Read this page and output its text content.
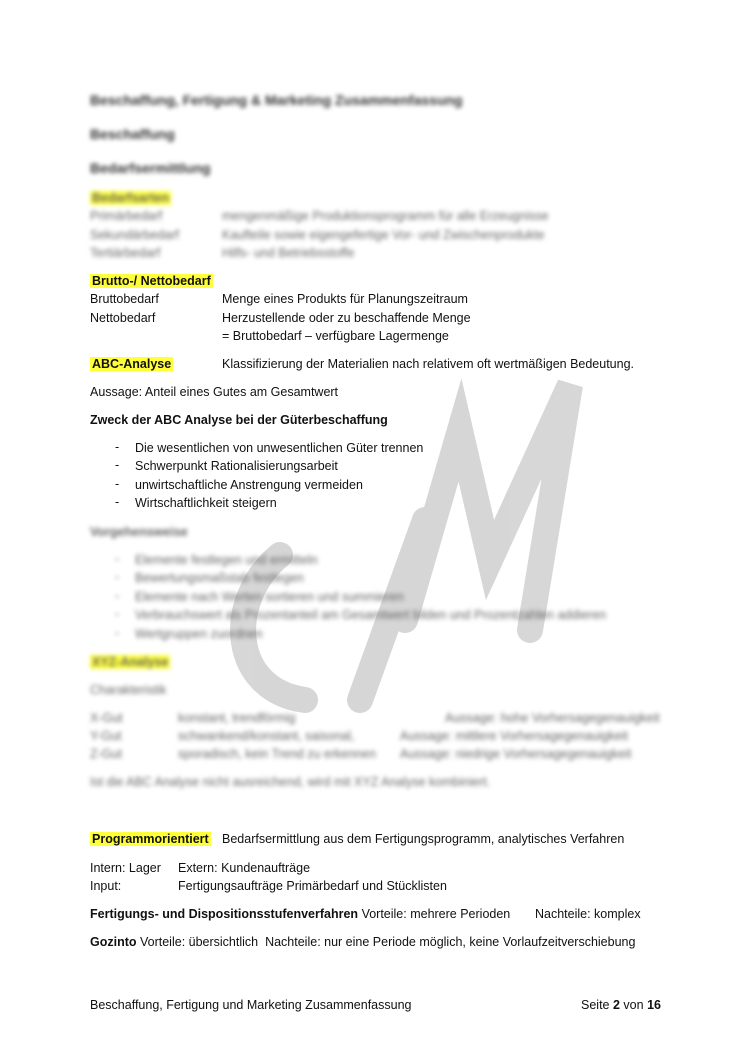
Beschaffung, Fertigung & Marketing Zusammenfassung
Beschaffung
Bedarfsermittlung
Bedarfsarten
Primärbedarf	mengenmäßige Produktionsprogramm für alle Erzeugnisse
Sekundärbedarf	Kaufteile sowie eigengefertige Vor- und Zwischenprodukte
Tertiärbedarf	Hilfs- und Betriebsstoffe
Brutto-/ Nettobedarf
Bruttobedarf	Menge eines Produkts für Planungszeitraum
Nettobedarf	Herzustellende oder zu beschaffende Menge
= Bruttobedarf – verfügbare Lagermenge
ABC-Analyse	Klassifizierung der Materialien nach relativem oft wertmäßigen Bedeutung.
Aussage: Anteil eines Gutes am Gesamtwert
Zweck der ABC Analyse bei der Güterbeschaffung
- Die wesentlichen von unwesentlichen Güter trennen
- Schwerpunkt Rationalisierungsarbeit
- unwirtschaftliche Anstrengung vermeiden
- Wirtschaftlichkeit steigern
Vorgehensweise
Elemente festlegen und ermitteln
Bewertungsmaßstab festlegen
Elemente nach Werten sortieren und summieren
Verbrauchswert als Prozentanteil am Gesamtwert bilden und Prozentzahlen addieren
Wertgruppen zuordnen
-
-
-
-
-
XYZ-Analyse
Charakteristik
X-Gut	konstant, trendförmig	Aussage: hohe Vorhersagegenauigkeit
Y-Gut	schwankend/konstant, saisonal,	Aussage: mittlere Vorhersagegenauigkeit
Z-Gut	sporadisch, kein Trend zu erkennen Aussage: niedrige Vorhersagegenauigkeit
Ist die ABC Analyse nicht ausreichend, wird mit XYZ Analyse kombiniert.
Programmorientiert Bedarfsermittlung aus dem Fertigungsprogramm, analytisches Verfahren
Intern: Lager Extern: Kundenaufträge
Input:	Fertigungsaufträge Primärbedarf und Stücklisten
Fertigungs- und Dispositionsstufenverfahren Vorteile: mehrere Perioden Nachteile: komplex
Gozinto Vorteile: übersichtlich Nachteile: nur eine Periode möglich, keine Vorlaufzeitverschiebung
Beschaffung, Fertigung und Marketing Zusammenfassung	Seite 2 von 16
